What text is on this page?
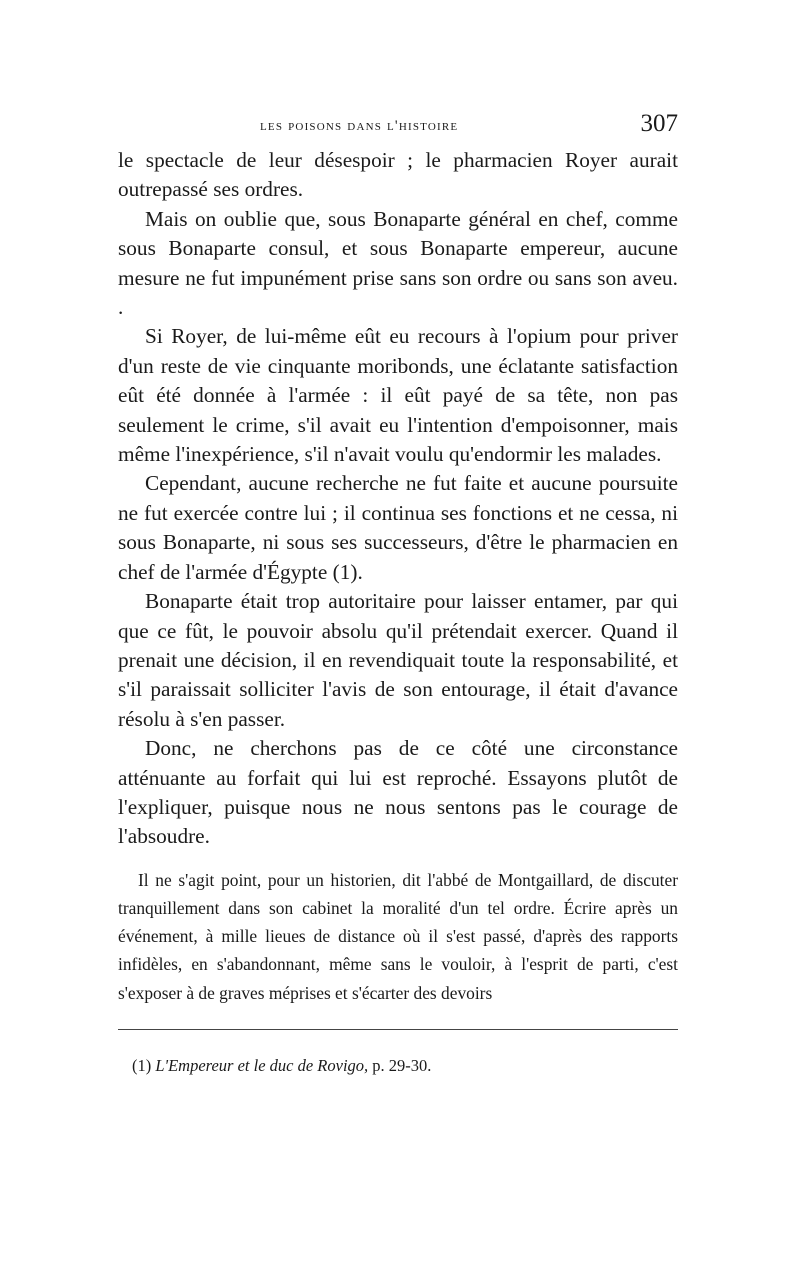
les poisons dans l'histoire	307

le spectacle de leur désespoir ; le pharmacien Royer aurait outrepassé ses ordres.

Mais on oublie que, sous Bonaparte général en chef, comme sous Bonaparte consul, et sous Bonaparte empereur, aucune mesure ne fut impunément prise sans son ordre ou sans son aveu. .

Si Royer, de lui-même eût eu recours à l'opium pour priver d'un reste de vie cinquante moribonds, une éclatante satisfaction eût été donnée à l'armée : il eût payé de sa tête, non pas seulement le crime, s'il avait eu l'intention d'empoisonner, mais même l'inexpérience, s'il n'avait voulu qu'endormir les malades.

Cependant, aucune recherche ne fut faite et aucune poursuite ne fut exercée contre lui ; il continua ses fonctions et ne cessa, ni sous Bonaparte, ni sous ses successeurs, d'être le pharmacien en chef de l'armée d'Égypte (1).

Bonaparte était trop autoritaire pour laisser entamer, par qui que ce fût, le pouvoir absolu qu'il prétendait exercer. Quand il prenait une décision, il en revendiquait toute la responsabilité, et s'il paraissait solliciter l'avis de son entourage, il était d'avance résolu à s'en passer.

Donc, ne cherchons pas de ce côté une circonstance atténuante au forfait qui lui est reproché. Essayons plutôt de l'expliquer, puisque nous ne nous sentons pas le courage de l'absoudre.

Il ne s'agit point, pour un historien, dit l'abbé de Montgaillard, de discuter tranquillement dans son cabinet la moralité d'un tel ordre. Écrire après un événement, à mille lieues de distance où il s'est passé, d'après des rapports infidèles, en s'abandonnant, même sans le vouloir, à l'esprit de parti, c'est s'exposer à de graves méprises et s'écarter des devoirs
(1) L'Empereur et le duc de Rovigo, p. 29-30.
